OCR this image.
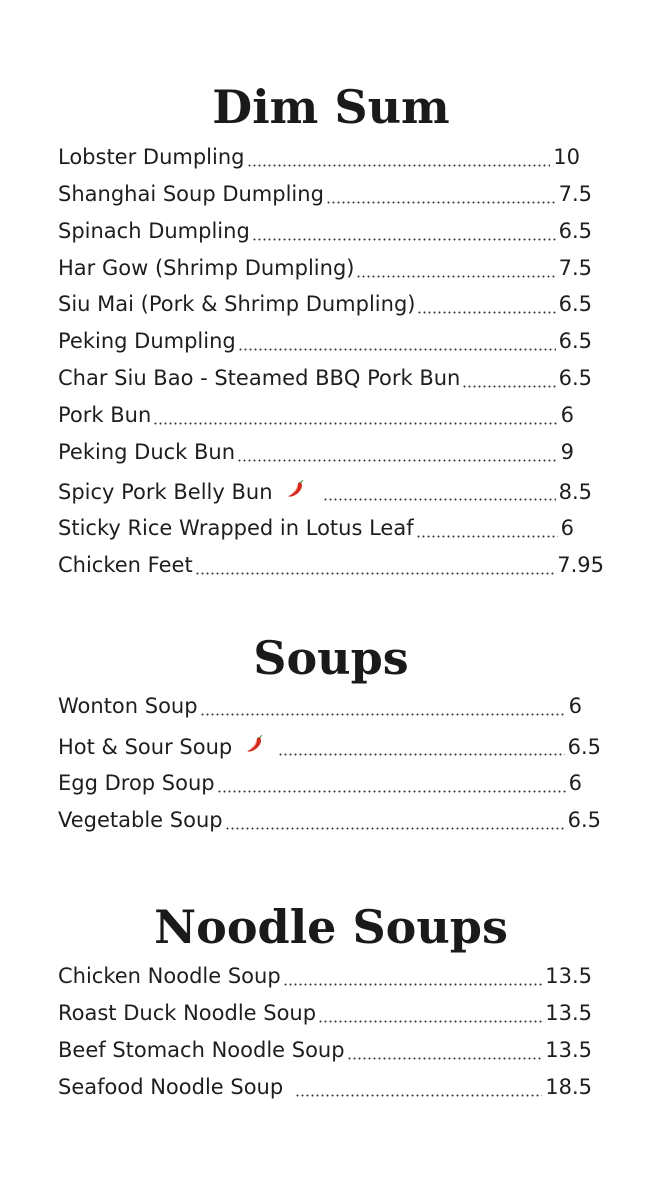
Dim Sum
Lobster Dumpling	10
Shanghai Soup Dumpling	7.5
Spinach Dumpling	6.5
Har Gow (Shrimp Dumpling)	7.5
Siu Mai (Pork & Shrimp Dumpling)	6.5
Peking Dumpling	6.5
Char Siu Bao - Steamed BBQ Pork Bun	6.5
Pork Bun	6
Peking Duck Bun	9
Spicy Pork Belly Bun	8.5
Sticky Rice Wrapped in Lotus Leaf	6
Chicken Feet	7.95
Soups
Wonton Soup	6
Hot & Sour Soup	6.5
Egg Drop Soup	6
Vegetable Soup	6.5
Noodle Soups
Chicken Noodle Soup	13.5
Roast Duck Noodle Soup	13.5
Beef Stomach Noodle Soup	13.5
Seafood Noodle Soup	18.5
